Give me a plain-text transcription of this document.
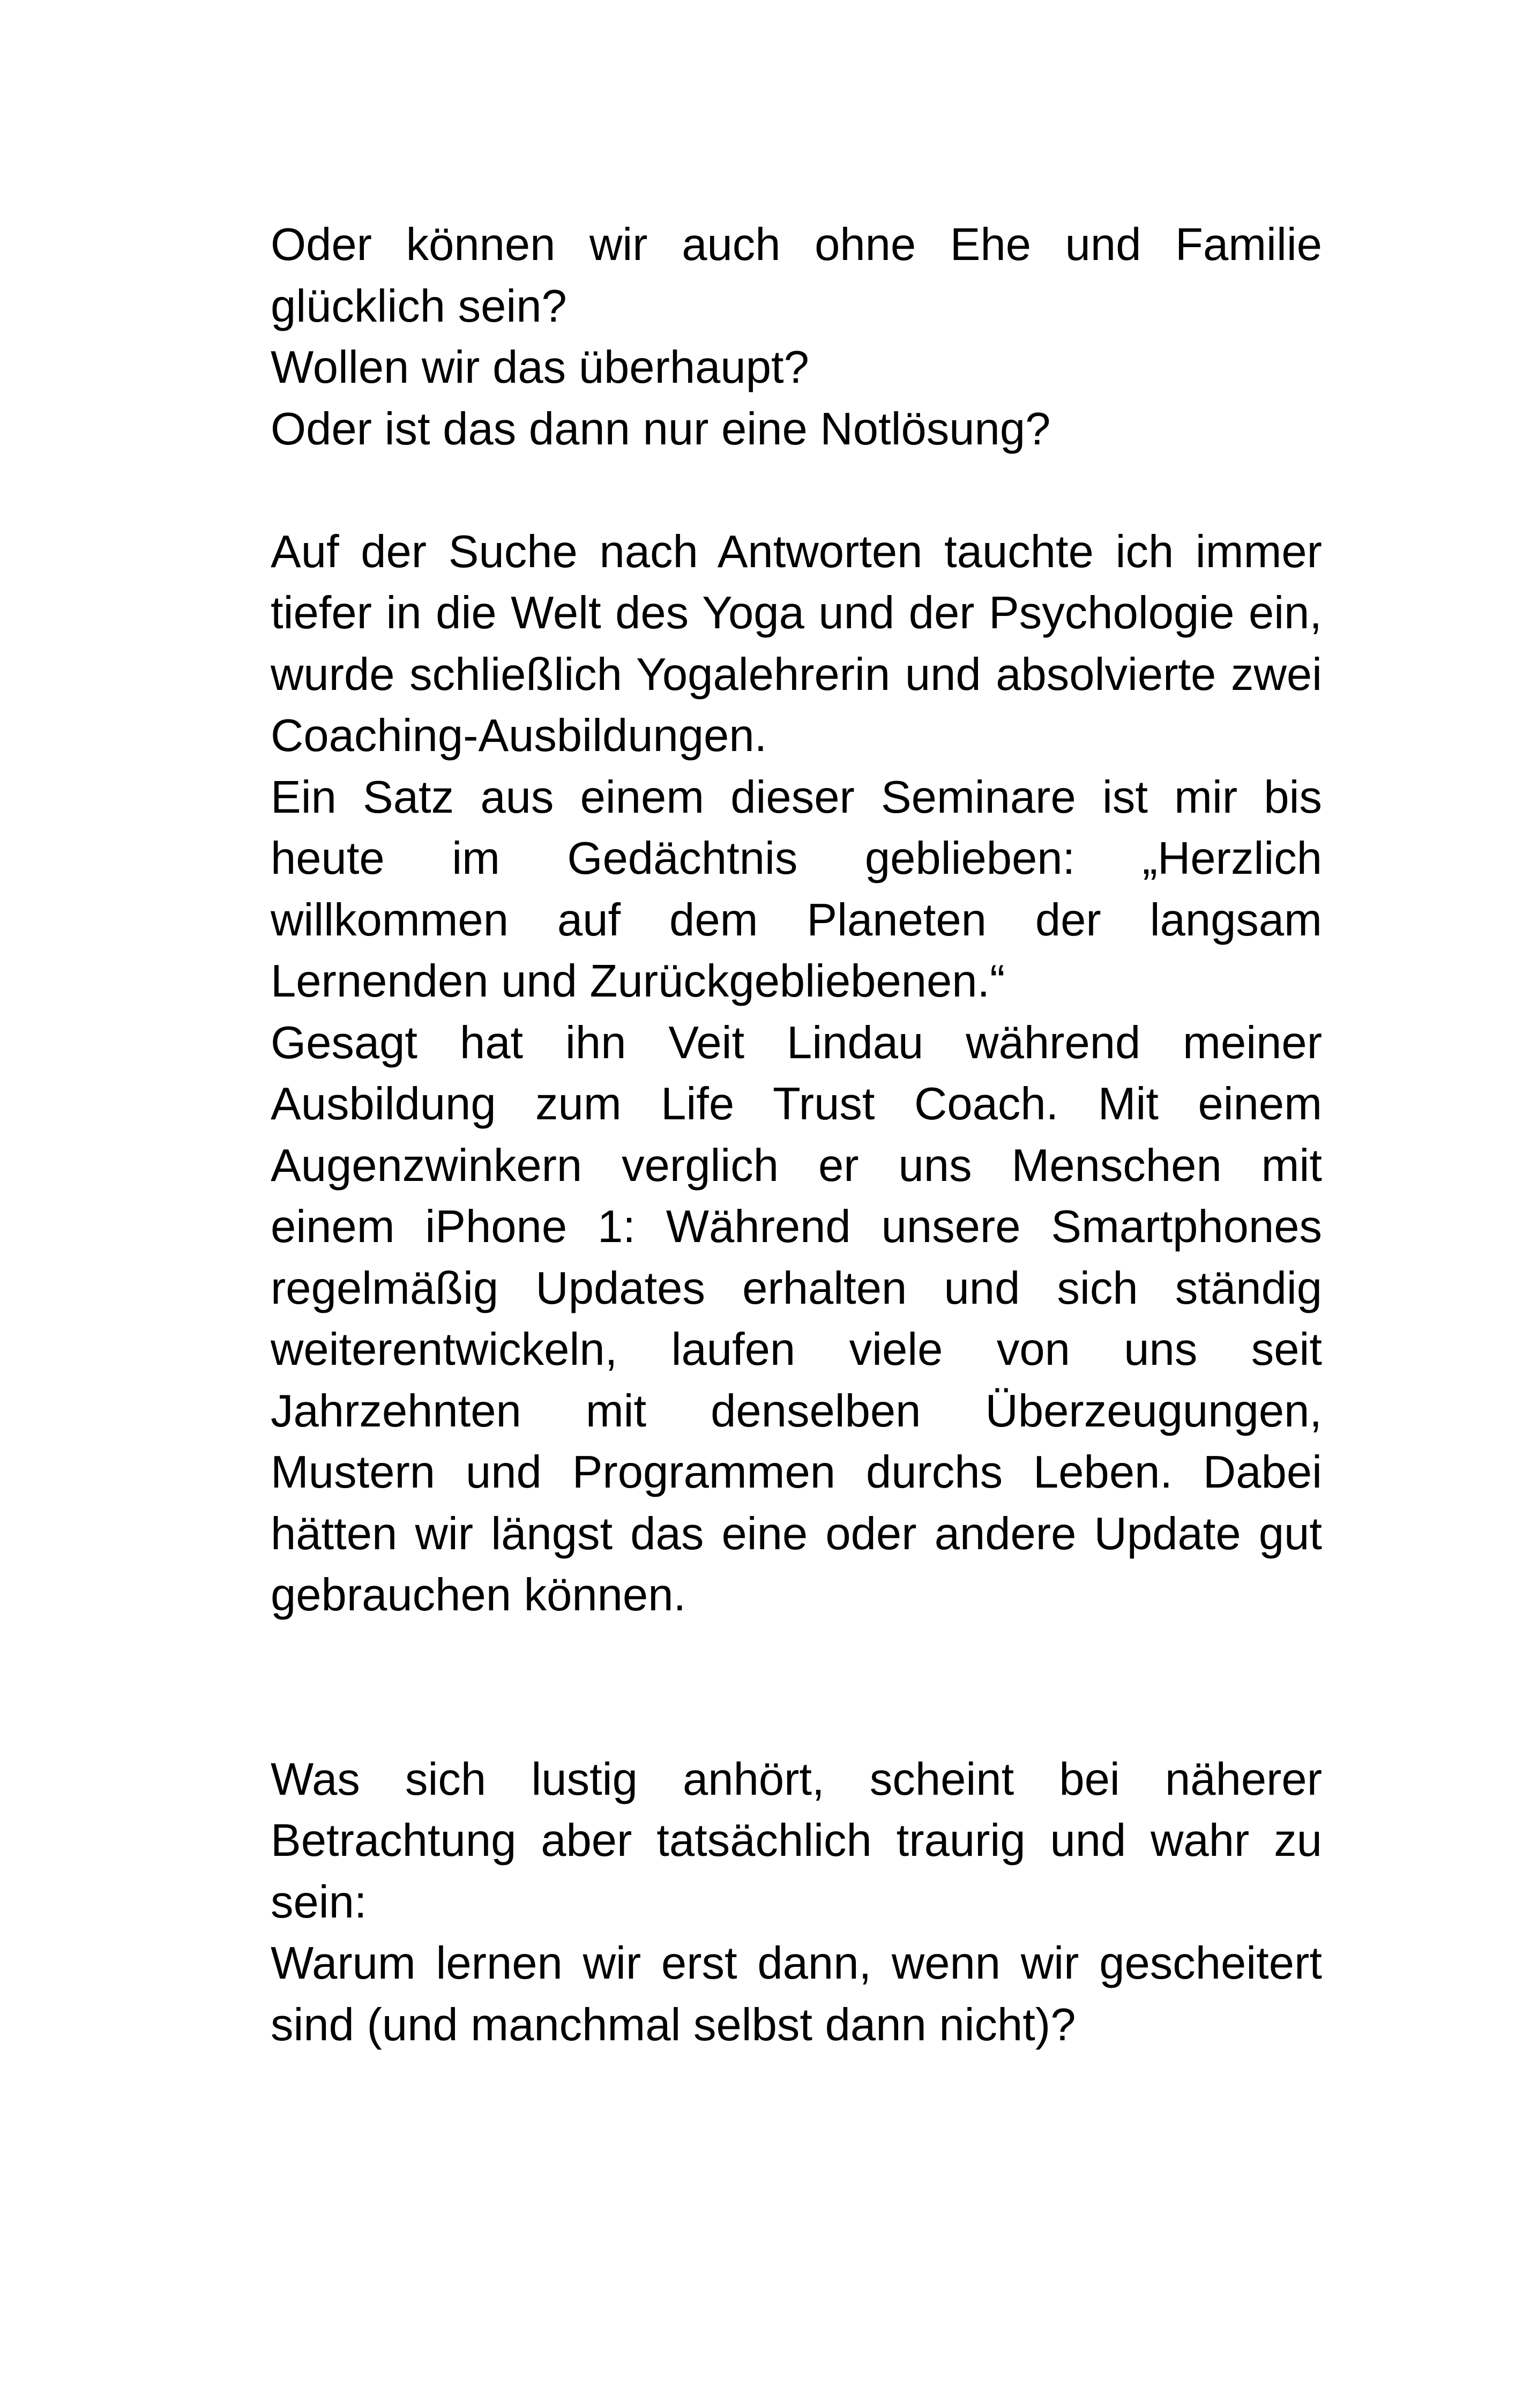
Oder können wir auch ohne Ehe und Familie glücklich sein?

Wollen wir das überhaupt?

Oder ist das dann nur eine Notlösung?

Auf der Suche nach Antworten tauchte ich immer tiefer in die Welt des Yoga und der Psychologie ein, wurde schließlich Yogalehrerin und absolvierte zwei Coaching-Ausbildungen.

Ein Satz aus einem dieser Seminare ist mir bis heute im Gedächtnis geblieben: „Herzlich willkommen auf dem Planeten der langsam Lernenden und Zurückgebliebenen.“

Gesagt hat ihn Veit Lindau während meiner Ausbildung zum Life Trust Coach. Mit einem Augenzwinkern verglich er uns Menschen mit einem iPhone 1: Während unsere Smartphones regelmäßig Updates erhalten und sich ständig weiterentwickeln, laufen viele von uns seit Jahrzehnten mit denselben Überzeugungen, Mustern und Programmen durchs Leben. Dabei hätten wir längst das eine oder andere Update gut gebrauchen können.

Was sich lustig anhört, scheint bei näherer Betrachtung aber tatsächlich traurig und wahr zu sein:

Warum lernen wir erst dann, wenn wir gescheitert sind (und manchmal selbst dann nicht)?
